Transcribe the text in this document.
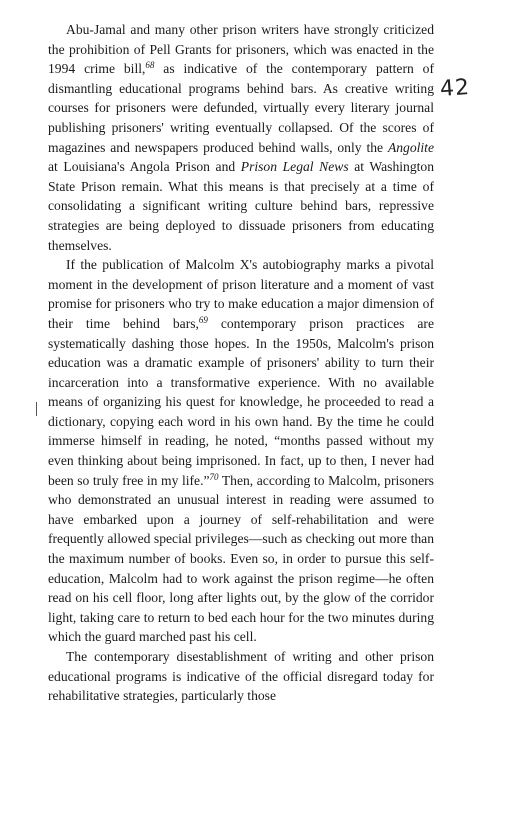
42

Abu-Jamal and many other prison writers have strongly criticized the prohibition of Pell Grants for prisoners, which was enacted in the 1994 crime bill,$^{68}$ as indicative of the contemporary pattern of dismantling educational programs behind bars. As creative writing courses for prisoners were defunded, virtually every literary journal publishing prisoners' writing eventually collapsed. Of the scores of magazines and newspapers produced behind walls, only the Angolite at Louisiana's Angola Prison and Prison Legal News at Washington State Prison remain. What this means is that precisely at a time of consolidating a significant writing culture behind bars, repressive strategies are being deployed to dissuade prisoners from educating themselves.

If the publication of Malcolm X's autobiography marks a pivotal moment in the development of prison literature and a moment of vast promise for prisoners who try to make education a major dimension of their time behind bars,$^{69}$ contemporary prison practices are systematically dashing those hopes. In the 1950s, Malcolm's prison education was a dramatic example of prisoners' ability to turn their incarceration into a transformative experience. With no available means of organizing his quest for knowledge, he proceeded to read a dictionary, copying each word in his own hand. By the time he could immerse himself in reading, he noted, “months passed without my even thinking about being imprisoned. In fact, up to then, I never had been so truly free in my life.”$^{70}$ Then, according to Malcolm, prisoners who demonstrated an unusual interest in reading were assumed to have embarked upon a journey of self-rehabilitation and were frequently allowed special privileges—such as checking out more than the maximum number of books. Even so, in order to pursue this self-education, Malcolm had to work against the prison regime—he often read on his cell floor, long after lights out, by the glow of the corridor light, taking care to return to bed each hour for the two minutes during which the guard marched past his cell.

The contemporary disestablishment of writing and other prison educational programs is indicative of the official disregard today for rehabilitative strategies, particularly those
